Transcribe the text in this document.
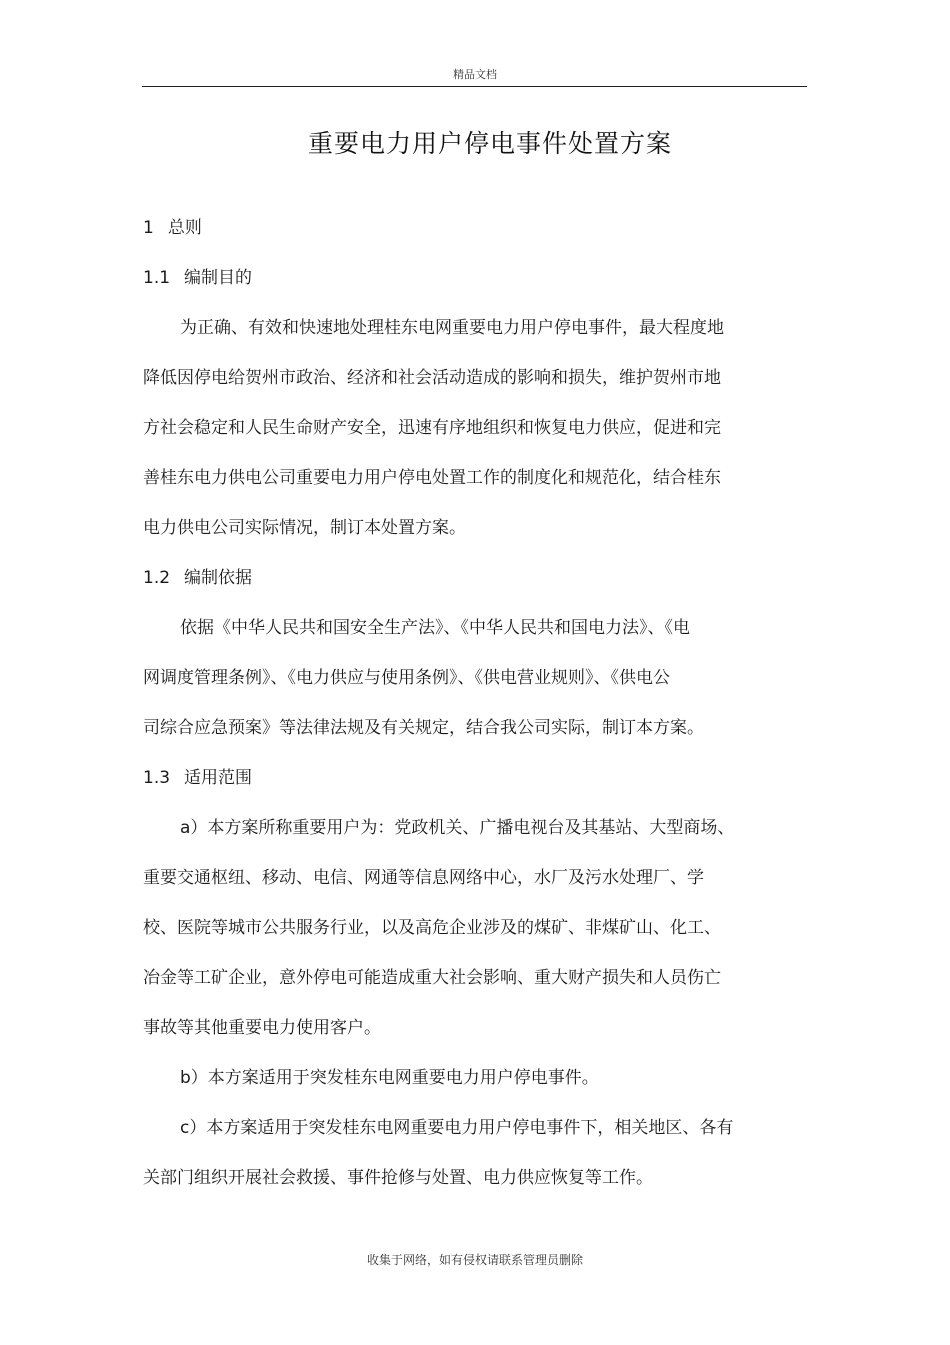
精品文档
重要电力用户停电事件处置方案
1 总则
1.1 编制目的
为正确、有效和快速地处理桂东电网重要电力用户停电事件，最大程度地
降低因停电给贺州市政治、经济和社会活动造成的影响和损失，维护贺州市地
方社会稳定和人民生命财产安全，迅速有序地组织和恢复电力供应，促进和完
善桂东电力供电公司重要电力用户停电处置工作的制度化和规范化，结合桂东
电力供电公司实际情况，制订本处置方案。
1.2 编制依据
依据《中华人民共和国安全生产法》、《中华人民共和国电力法》、《电
网调度管理条例》、《电力供应与使用条例》、《供电营业规则》、《供电公
司综合应急预案》等法律法规及有关规定，结合我公司实际，制订本方案。
1.3 适用范围
a）本方案所称重要用户为：党政机关、广播电视台及其基站、大型商场、
重要交通枢纽、移动、电信、网通等信息网络中心，水厂及污水处理厂、学
校、医院等城市公共服务行业，以及高危企业涉及的煤矿、非煤矿山、化工、
冶金等工矿企业，意外停电可能造成重大社会影响、重大财产损失和人员伤亡
事故等其他重要电力使用客户。
b）本方案适用于突发桂东电网重要电力用户停电事件。
c）本方案适用于突发桂东电网重要电力用户停电事件下，相关地区、各有
关部门组织开展社会救援、事件抢修与处置、电力供应恢复等工作。
收集于网络，如有侵权请联系管理员删除
